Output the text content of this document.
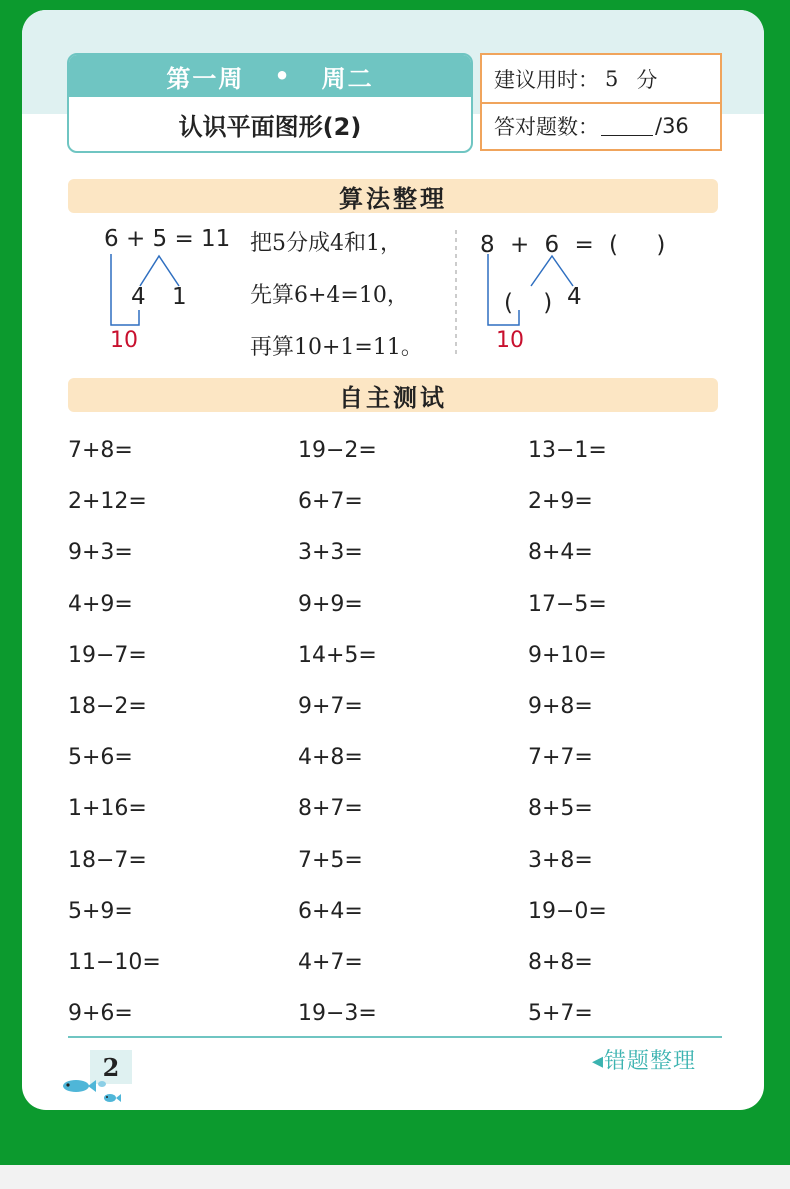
第一周 • 周二
认识平面图形(2)
建议用时： 5 分
答对题数：	/36
算法整理
6 + 5 = 11
4 1
10
把5分成4和1，
先算6+4=10，
再算10+1=11。
8 + 6 = (　 )
(　 ) 4
10
自主测试
7+8=	19−2=	13−1=
2+12=	6+7=	2+9=
9+3=	3+3=	8+4=
4+9=	9+9=	17−5=
19−7=	14+5=	9+10=
18−2=	9+7=	9+8=
5+6=	4+8=	7+7=
1+16=	8+7=	8+5=
18−7=	7+5=	3+8=
5+9=	6+4=	19−0=
11−10=	4+7=	8+8=
9+6=	19−3=	5+7=
2	◂错题整理
